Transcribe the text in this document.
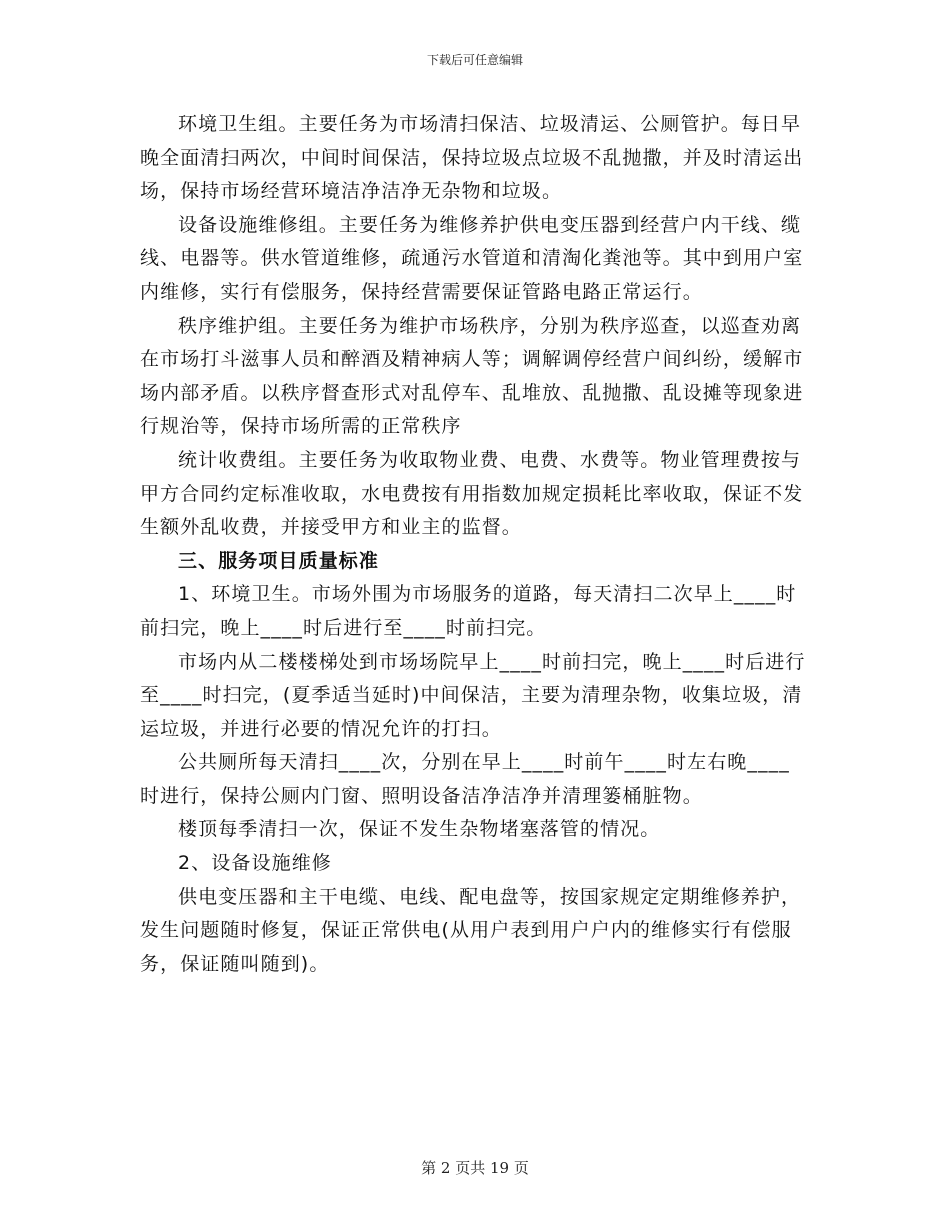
下载后可任意编辑

环境卫生组。主要任务为市场清扫保洁、垃圾清运、公厕管护。每日早晚全面清扫两次，中间时间保洁，保持垃圾点垃圾不乱抛撒，并及时清运出场，保持市场经营环境洁净洁净无杂物和垃圾。

设备设施维修组。主要任务为维修养护供电变压器到经营户内干线、缆线、电器等。供水管道维修，疏通污水管道和清淘化粪池等。其中到用户室内维修，实行有偿服务，保持经营需要保证管路电路正常运行。

秩序维护组。主要任务为维护市场秩序，分别为秩序巡查，以巡查劝离在市场打斗滋事人员和醉酒及精神病人等；调解调停经营户间纠纷，缓解市场内部矛盾。以秩序督查形式对乱停车、乱堆放、乱抛撒、乱设摊等现象进行规治等，保持市场所需的正常秩序

统计收费组。主要任务为收取物业费、电费、水费等。物业管理费按与甲方合同约定标准收取，水电费按有用指数加规定损耗比率收取，保证不发生额外乱收费，并接受甲方和业主的监督。

三、服务项目质量标准

1、环境卫生。市场外围为市场服务的道路，每天清扫二次早上____时前扫完，晚上____时后进行至____时前扫完。

市场内从二楼楼梯处到市场场院早上____时前扫完，晚上____时后进行至____时扫完，(夏季适当延时)中间保洁，主要为清理杂物，收集垃圾，清运垃圾，并进行必要的情况允许的打扫。

公共厕所每天清扫____次，分别在早上____时前午____时左右晚____时进行，保持公厕内门窗、照明设备洁净洁净并清理篓桶脏物。

楼顶每季清扫一次，保证不发生杂物堵塞落管的情况。

2、设备设施维修

供电变压器和主干电缆、电线、配电盘等，按国家规定定期维修养护，发生问题随时修复，保证正常供电(从用户表到用户户内的维修实行有偿服务，保证随叫随到)。

第 2 页共 19 页
